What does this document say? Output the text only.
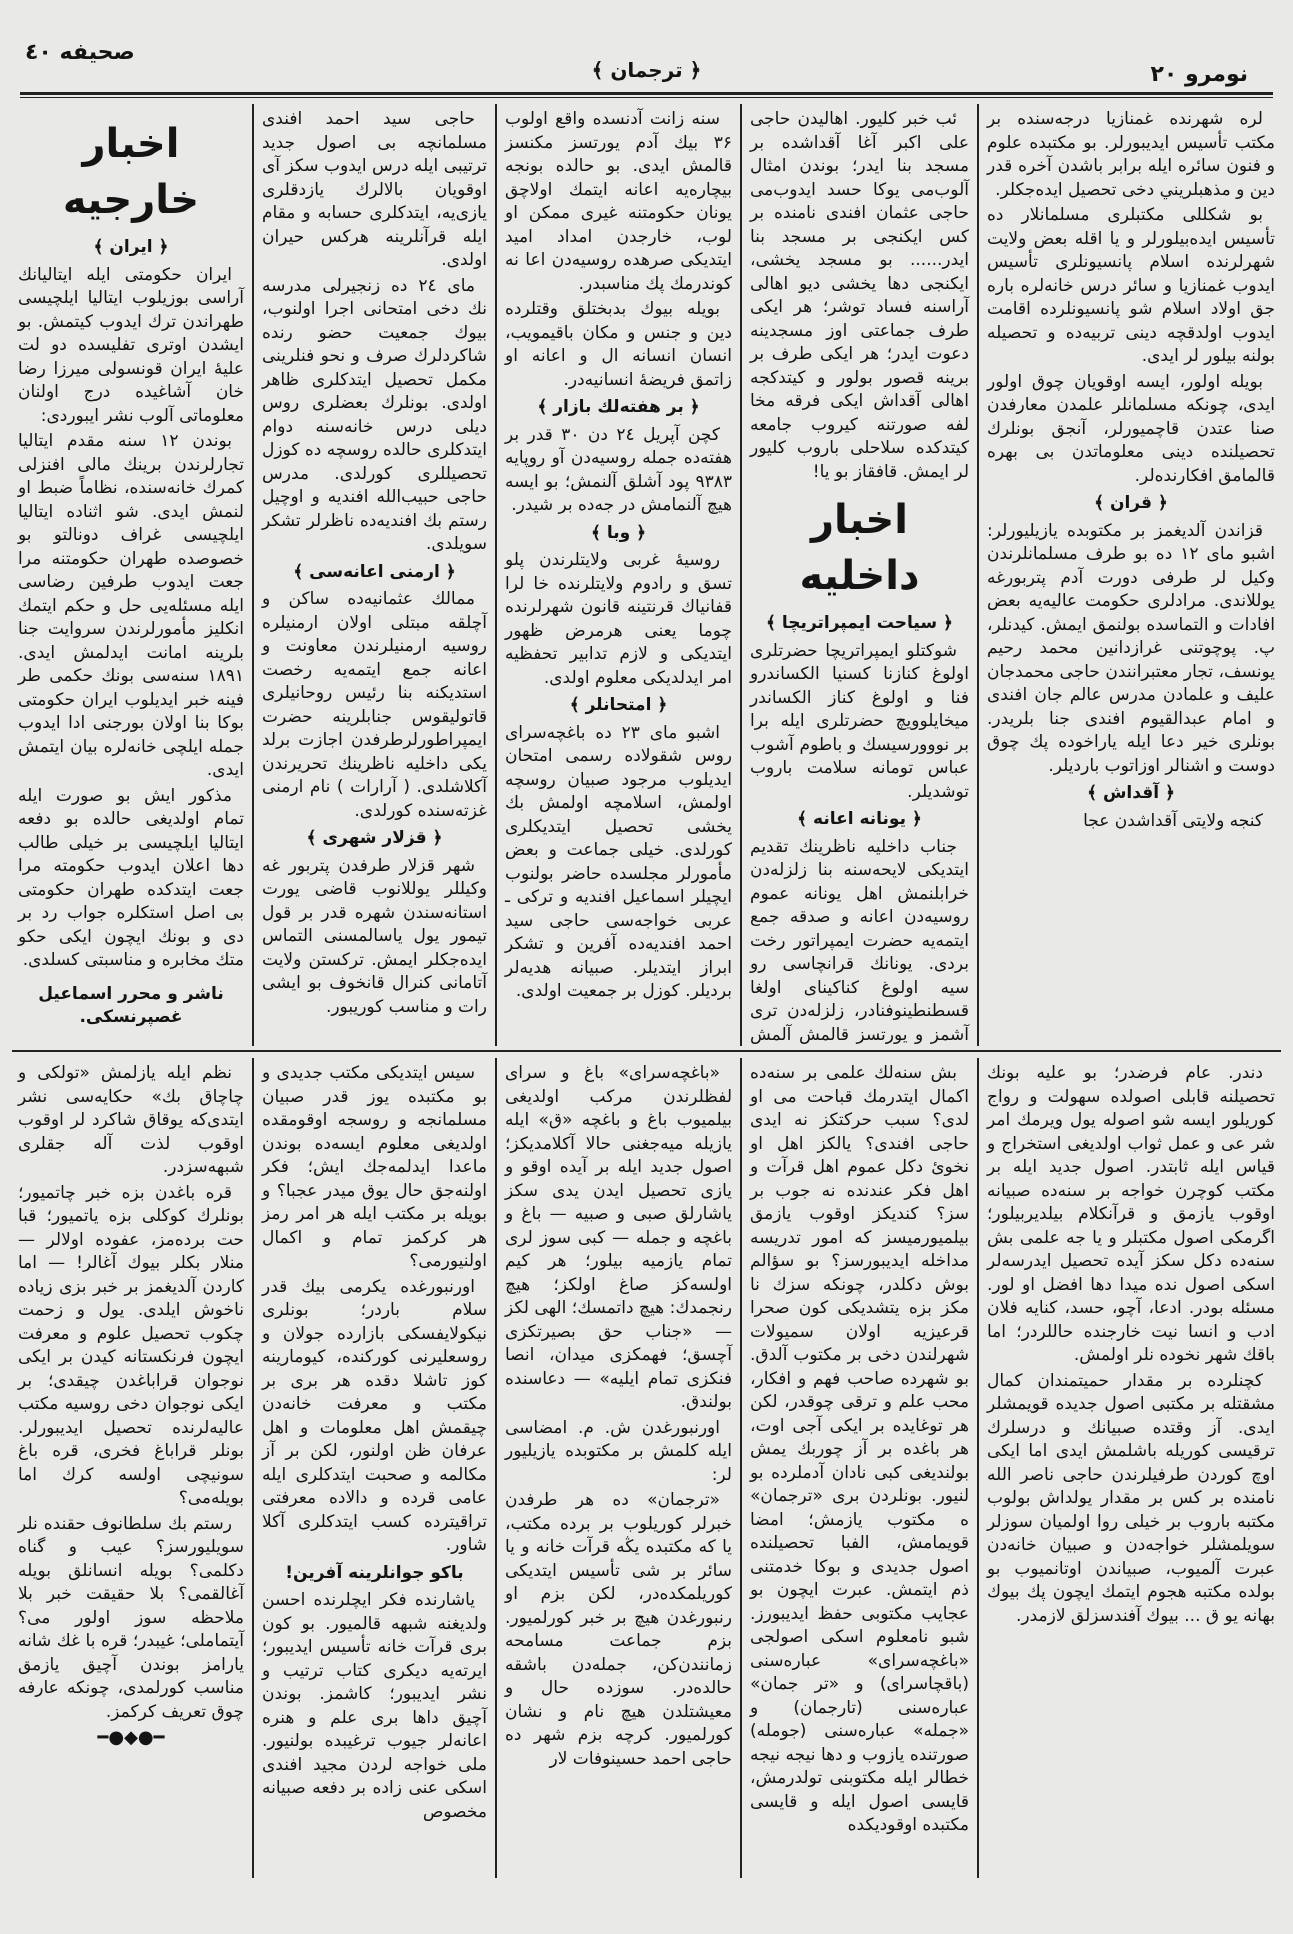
نومرو ۲۰
﴿ ترجمان ﴾
صحيفه ٤٠

لره شهرنده غمنازيا درجه‌سنده بر مكتب تأسيس ايديبورلر. بو مكتبده علوم و فنون سائره ايله برابر باشدن آخره قدر دين و مذهبلريني دخی تحصيل ايده‌جكلر.

بو شكللی مكتبلری مسلمانلار ده تأسيس ايده‌بيلورلر و يا اقله بعض ولايت شهرلرنده اسلام پانسيونلری تأسيس ايدوب غمنازيا و سائر درس خانه‌لره باره جق اولاد اسلام شو پانسيونلرده اقامت ايدوب اولدقچه دينی تربيه‌ده و تحصيله بولنه بيلور لر ايدی.

بويله اولور، ايسه اوقويان چوق اولور ايدی، چونكه مسلمانلر علمدن معارفدن صنا عتدن قاچميورلر، آنجق بونلرك تحصيلنده دينی معلوماتدن بی بهره قالمامق افكارنده‌لر.

﴿ قران ﴾

قزاندن آلديغمز بر مكتوبده يازيليورلر: اشبو ماى ۱۲ ده بو طرف مسلمانلرندن وكيل لر طرفی دورت آدم پتربورغه يوللاندی. مرادلری حكومت عاليه‌يه بعض افادات و التماسده بولنمق ايمش. كيدنلر، پ. پوچوتنی غرازدانين محمد رحيم يونسف، تجار معتبرانندن حاجی محمدجان عليف و علمادن مدرس عالم جان افندی و امام عبدالقيوم افندی جنا بلريدر. بونلری خير دعا ايله ياراخوده پك چوق دوست و اشنالر اوزاتوب بارديلر.

﴿ آقداش ﴾

كنجه ولايتی آقداشدن عجا

ئب خبر كليور. اهاليدن حاجی علی اكبر آغا آقداشده بر مسجد بنا ايدر؛ بوندن امثال آلوب‌مى يوكا حسد ايدوب‌مى حاجی عثمان افندی نامنده بر كس ايكنجی بر مسجد بنا ايدر...... بو مسجد يخشى، ايكنجى دها يخشى ديو اهالی آراسنه فساد توشر؛ هر ايكی طرف جماعتی اوز مسجدينه دعوت ايدر؛ هر ايكی طرف بر برينه قصور بولور و كيتدكجه اهالی آقداش ايكی فرقه مخا لفه صورتنه كيروب جامعه كيتدكده سلاحلى باروب كليور لر ايمش. قافقاز بو يا!

اخبار داخليه
﴿ سياحت ايمپراتريچا ﴾

شوكتلو ايمپراتريچا حضرتلری اولوغ كنازنا كسنيا الكساندرو فنا و اولوغ كناز الكساندر ميخايلوويچ حضرتلری ايله برا بر نووورسيسك و باطوم آشوب عباس تومانه سلامت باروب توشديلر.

﴿ يونانه اعانه ﴾

جناب داخليه ناظرينك تقديم ايتديكی لايحه‌سنه بنا زلزله‌دن خرابلنمش اهل يونانه عموم روسيه‌دن اعانه و صدقه جمع ايتمه‌يه حضرت ايمپراتور رخت بردی. يونانك قرانچاسی رو سيه اولوغ كناكينای اولغا قسطنطينوفنادر، زلزله‌دن تری آشمز و يورتسز قالمش آلمش

سنه زانت آدنسده واقع اولوب ۳۶ بيك آدم يورتسز مكنسز قالمش ايدی. بو حالده بونجه بيچاره‌يه اعانه ايتمك اولاچق يونان حكومتنه غيری ممكن او لوب، خارجدن امداد اميد ايتديكی صرهده روسيه‌دن اعا نه كوندرمك پك مناسبدر.

بويله بيوك بدبختلق وقتلرده دين و جنس و مكان باقيمويب، انسان انسانه ال و اعانه او زاتمق فريضهٔ انسانيه‌در.

﴿ بر هفته‌لك بازار ﴾

كچن آپريل ۲٤ دن ۳۰ قدر بر هفته‌ده جمله روسيه‌دن آو روپايه ۹۳۸۳ پود آشلق آلنمش؛ بو ايسه هيچ آلنمامش در جه‌ده بر شيدر.

﴿ وبا ﴾

روسيهٔ غربی ولايتلرندن پلو تسق و رادوم ولايتلرنده خا لرا قفانياك قرنتينه قانون شهرلرنده چوما يعنی هرمرض ظهور ايتديكی و لازم تدابير تحفظيه امر ايدلديكی معلوم اولدی.

﴿ امتحانلر ﴾

اشبو ماى ۲۳ ده باغچه‌سرای روس شقولاده رسمی امتحان ايديلوب مرجود صبيان روسچه اولمش، اسلامچه اولمش بك يخشی تحصيل ايتديكلری كورلدی. خيلی جماعت و بعض مأمورلر مجلسده حاضر بولنوب ايچيلر اسماعيل افنديه و تركی ـ عربی خواجه‌سی حاجی سيد احمد افنديه‌ده آفرين و تشكر ابراز ايتديلر. صبيانه هديه‌لر برديلر. كوزل بر جمعيت اولدی.

حاجی سيد احمد افندی مسلمانچه بی اصول جديد ترتيبی ايله درس ايدوب سكز آی اوقويان بالالرك يازدقلری يازی‌يه، ايتدكلری حسابه و مقام ايله قرآنلرينه هركس حيران اولدی.

ماى ۲٤ ده زنجيرلی مدرسه نك دخی امتحانی اجرا اولنوب، بيوك جمعيت حضو رنده شاكردلرك صرف و نحو فنلرينی مكمل تحصيل ايتدكلری ظاهر اولدی. بونلرك بعضلری روس ديلی درس خانه‌سنه دوام ايتدكلری حالده روسچه ده كوزل تحصيللری كورلدی. مدرس حاجی حبيب‌الله افنديه و اوچيل رستم بك افنديه‌ده ناظرلر تشكر سويلدی.

﴿ ارمنی اعانه‌سی ﴾

ممالك عثمانيه‌ده ساكن و آچلقه مبتلی اولان ارمنيلره روسيه ارمنيلرندن معاونت و اعانه جمع ايتمه‌يه رخصت استديكنه بنا رئيس روحانيلری قاتوليقوس جنابلرينه حضرت ايمپراطورلرطرفدن اجازت برلد يكی داخليه ناظرينك تحريرندن آكلاشلدی. ( آرارات ) نام ارمنی غزته‌سنده كورلدی.

﴿ قزلار شهری ﴾

شهر قزلار طرفدن پتربور غه وكيللر يوللانوب قاضی يورت استانه‌سندن شهره قدر بر قول تيمور يول ياسالمسنی التماس ايده‌جكلر ايمش. تركستن ولايت آتامانی كنرال قانخوف بو ايشی رات و مناسب كوريبور.

اخبار خارجيه
﴿ ايران ﴾

ايران حكومتی ايله ايتاليانك آراسی بوزيلوب ايتاليا ايلچيسی طهراندن ترك ايدوب كيتمش. بو ايشدن اوتری تفليسده دو لت عليهٔ ايران قونسولی ميرزا رضا خان آشاغيده درج اولنان معلوماتی آلوب نشر ايبوردی:

بوندن ۱۲ سنه مقدم ايتاليا تجارلرندن برينك مالی افنزلی كمرك خانه‌سنده، نظاماً ضبط او لنمش ايدی. شو اثناده ايتاليا ايلچيسی غراف دونالتو بو خصوصده طهران حكومتنه مرا جعت ايدوب طرفين رضاسی ايله مسئله‌يی حل و حكم ايتمك انكليز مأمورلرندن سروايت جنا بلرينه امانت ايدلمش ايدی. ۱۸۹۱ سنه‌سی بونك حكمی طر فينه خبر ايديلوب ايران حكومتی بوكا بنا اولان بورجنی ادا ايدوب جمله ايلچی خانه‌لره بيان ايتمش ايدی.

مذكور ايش بو صورت ايله تمام اولديغی حالده بو دفعه ايتاليا ايلچيسی بر خيلی طالب دها اعلان ايدوب حكومته مرا جعت ايتدكده طهران حكومتی بی اصل استكلره جواب رد بر دی و بونك ايچون ايكی حكو متك مخابره و مناسبتی كسلدی.

ناشر و محرر اسماعيل غصپرنسكی.

دندر. عام فرضدر؛ بو عليه بونك تحصيلنه قابلی اصولده سهولت و رواج كوريلور ايسه شو اصوله يول ويرمك امر شر عی و عمل ثواب اولديغی استخراج و قياس ايله ثابتدر. اصول جديد ايله بر مكتب كوچرن خواجه بر سنه‌ده صبيانه اوقوب يازمق و قرآنكلام بيلديربيلور؛ اگرمكی اصول مكتبلر و يا جه علمی بش سنه‌ده دكل سكز آيده تحصيل ايدرسه‌لر اسكی اصول نده ميدا دها افضل او لور. مسئله بودر. ادعا، آچو، حسد، كنايه فلان ادب و انسا نيت خارجنده حاللردر؛ اما باقك شهر نخوده نلر اولمش.

كچنلرده بر مقدار حميتمندان كمال مشقتله بر مكتبی اصول جديده قويمشلر ايدی. آز وقتده صبيانك و درسلرك ترقيسی كوريله باشلمش ايدی اما ايكی اوچ كوردن طرفيلرندن حاجی ناصر الله نامنده بر كس بر مقدار يولداش بولوب مكتبه باروب بر خيلی روا اولميان سوزلر سويلمشلر خواجه‌دن و صبيان خانه‌دن عبرت آلميوب، صبياندن اوتانميوب بو بولده مكتبه هجوم ايتمك ايچون پك بيوك بهانه يو ق ... بيوك آفندسزلق لازمدر.

بش سنه‌لك علمی بر سنه‌ده اكمال ايتدرمك قباحت می او لدی؟ سبب حركتكز نه ايدی حاجی افندی؟ يالكز اهل او نخوئ دكل عموم اهل قرآت و اهل فكر عندنده نه جوب بر سز؟ كنديكز اوقوب يازمق بيلميورميسز كه امور تدريسه مداخله ايديبورسز؟ بو سؤالم بوش دكلدر، چونكه سزك نا مكز بزه يتشديكی كون صحرا قرعيزيه اولان سميولات شهرلندن دخی بر مكتوب آلدق. بو شهرده صاحب فهم و افكار، محب علم و ترقی چوقدر، لكن هر توغايده بر ايكی آجی اوت، هر باغده بر آز چوربك يمش بولنديغی كبی نادان آدملرده بو لنيور. بونلردن بری «ترجمان» ه مكتوب يازمش؛ امضا قويمامش، الفبا تحصيلنده اصول جديدی و بوكا خدمتنی ذم ايتمش. عبرت ايچون بو عجايب مكتوبی حفظ ايديبورز. شبو نامعلوم اسكی اصولجی «باغچه‌سرای» عباره‌سنی (باقچاسرای) و «تر جمان» عباره‌سنی (تارجمان) و «جمله» عباره‌سنی (جومله) صورتنده يازوب و دها نيجه نيجه خطالر ايله مكتوبنی تولدرمش، قايسی اصول ايله و قايسی مكتبده اوقوديكده

«باغچه‌سرای» باغ و سرای لفظلرندن مركب اولديغی بيلميوب باغ و باغچه «ق» ايله يازيله ميه‌جغنی حالا آكلامديكز؛ اصول جديد ايله بر آيده اوقو و يازی تحصيل ايدن يدی سكز ياشارلق صبی و صبيه — باغ و باغچه و جمله — كبی سوز لری تمام يازميه بيلور؛ هر كيم اولسه‌كز صاغ اولكز؛ هيچ رنجمدك: هيچ داتمسك؛ الهی لكز — «جناب حق بصيرتكزی آچسق؛ فهمكزی ميدان، انصا فنكزی تمام ايليه» — دعاسنده بولندق.

اورنبورغدن ش. م. امضاسی ايله كلمش بر مكتوبده يازيليور لر:

«ترجمان» ده هر طرفدن خبرلر كوريلوب بر برده مكتب، يا كه مكتبده يڭه قرآت خانه و يا سائر بر شی تأسيس ايتديكی كوريلمكده‌در، لكن بزم او رنبورغدن هيچ بر خبر كورلميور. بزم جماعت مسامحه زمانندن‌كن، جمله‌دن باشقه حالده‌در. سوزده حال و معيشتلدن هيچ نام و نشان كورلميور. كرچه بزم شهر ده حاجی احمد حسينوفات لار

سيس ايتديكی مكتب جديدی و بو مكتبده يوز قدر صبيان مسلمانجه و روسجه اوقومقده اولديغی معلوم ايسه‌ده بوندن ماعدا ايدلمه‌جك ايش؛ فكر اولنه‌جق حال يوق ميدر عجبا؟ و بويله بر مكتب ايله هر امر رمز هر كركمز تمام و اكمال اولنيورمی؟

اورنبورغده يكرمی بيك قدر سلام باردر؛ بونلری نيكولايفسكی بازارده جولان و روسعليرنی كوركنده، كيومارينه كوز تاشلا دقده هر بری بر مكتب و معرفت خانه‌دن چيقمش اهل معلومات و اهل عرفان ظن اولنور، لكن بر آز مكالمه و صحبت ايتدكلری ايله عامی قرده و دالاده معرفتی تراقيترده كسب ايتدكلری آكلا شاور.

باكو جوانلرينه آفرين!

ياشارنده فكر ايچلرنده احسن ولديغنه شبهه قالميور. بو كون بری قرآت خانه تأسيس ايديبور؛ ايرته‌يه ديكری كتاب ترتيب و نشر ايديبور؛ كاشمز. بوندن آچيق داها بری علم و هنره اعانه‌لر جيوب ترغيبده بولنيور. ملی خواجه لردن مجيد افندی اسكی عنی زاده بر دفعه صبيانه مخصوص

نظم ايله يازلمش «تولكی و چاچاق بك» حكايه‌سی نشر ايتدی‌كه يوقاق شاكرد لر اوقوب اوقوب لذت آله جقلری شبهه‌سزدر.

قره باغدن بزه خبر چاتميور؛ بونلرك كوكلی بزه ياتميور؛ قبا حت برده‌مز، عفوده اولالر — منلار بكلر بيوك آغالر! — اما كاردن آلديغمز بر خبر بزی زياده ناخوش ايلدی. يول و زحمت چكوب تحصيل علوم و معرفت ايچون فرنكستانه كيدن بر ايكی نوجوان قراباغدن چيقدی؛ بر ايكی نوجوان دخی روسيه مكتب عاليه‌لرنده تحصيل ايديبورلر. بونلر قراباغ فخری، قره باغ سونيچی اولسه كرك اما بويله‌مى؟

رستم بك سلطانوف حقنده نلر سويليورسز؟ عيب و گناه دكلمی؟ بويله انسانلق بويله آغالقمی؟ بلا حقيقت خبر بلا ملاحظه سوز اولور مى؟ آيتماملی؛ غيبدر؛ قره با غك شانه يارامز بوندن آچيق يازمق مناسب كورلمدی، چونكه عارفه چوق تعريف كركمز.

━●◆●━
